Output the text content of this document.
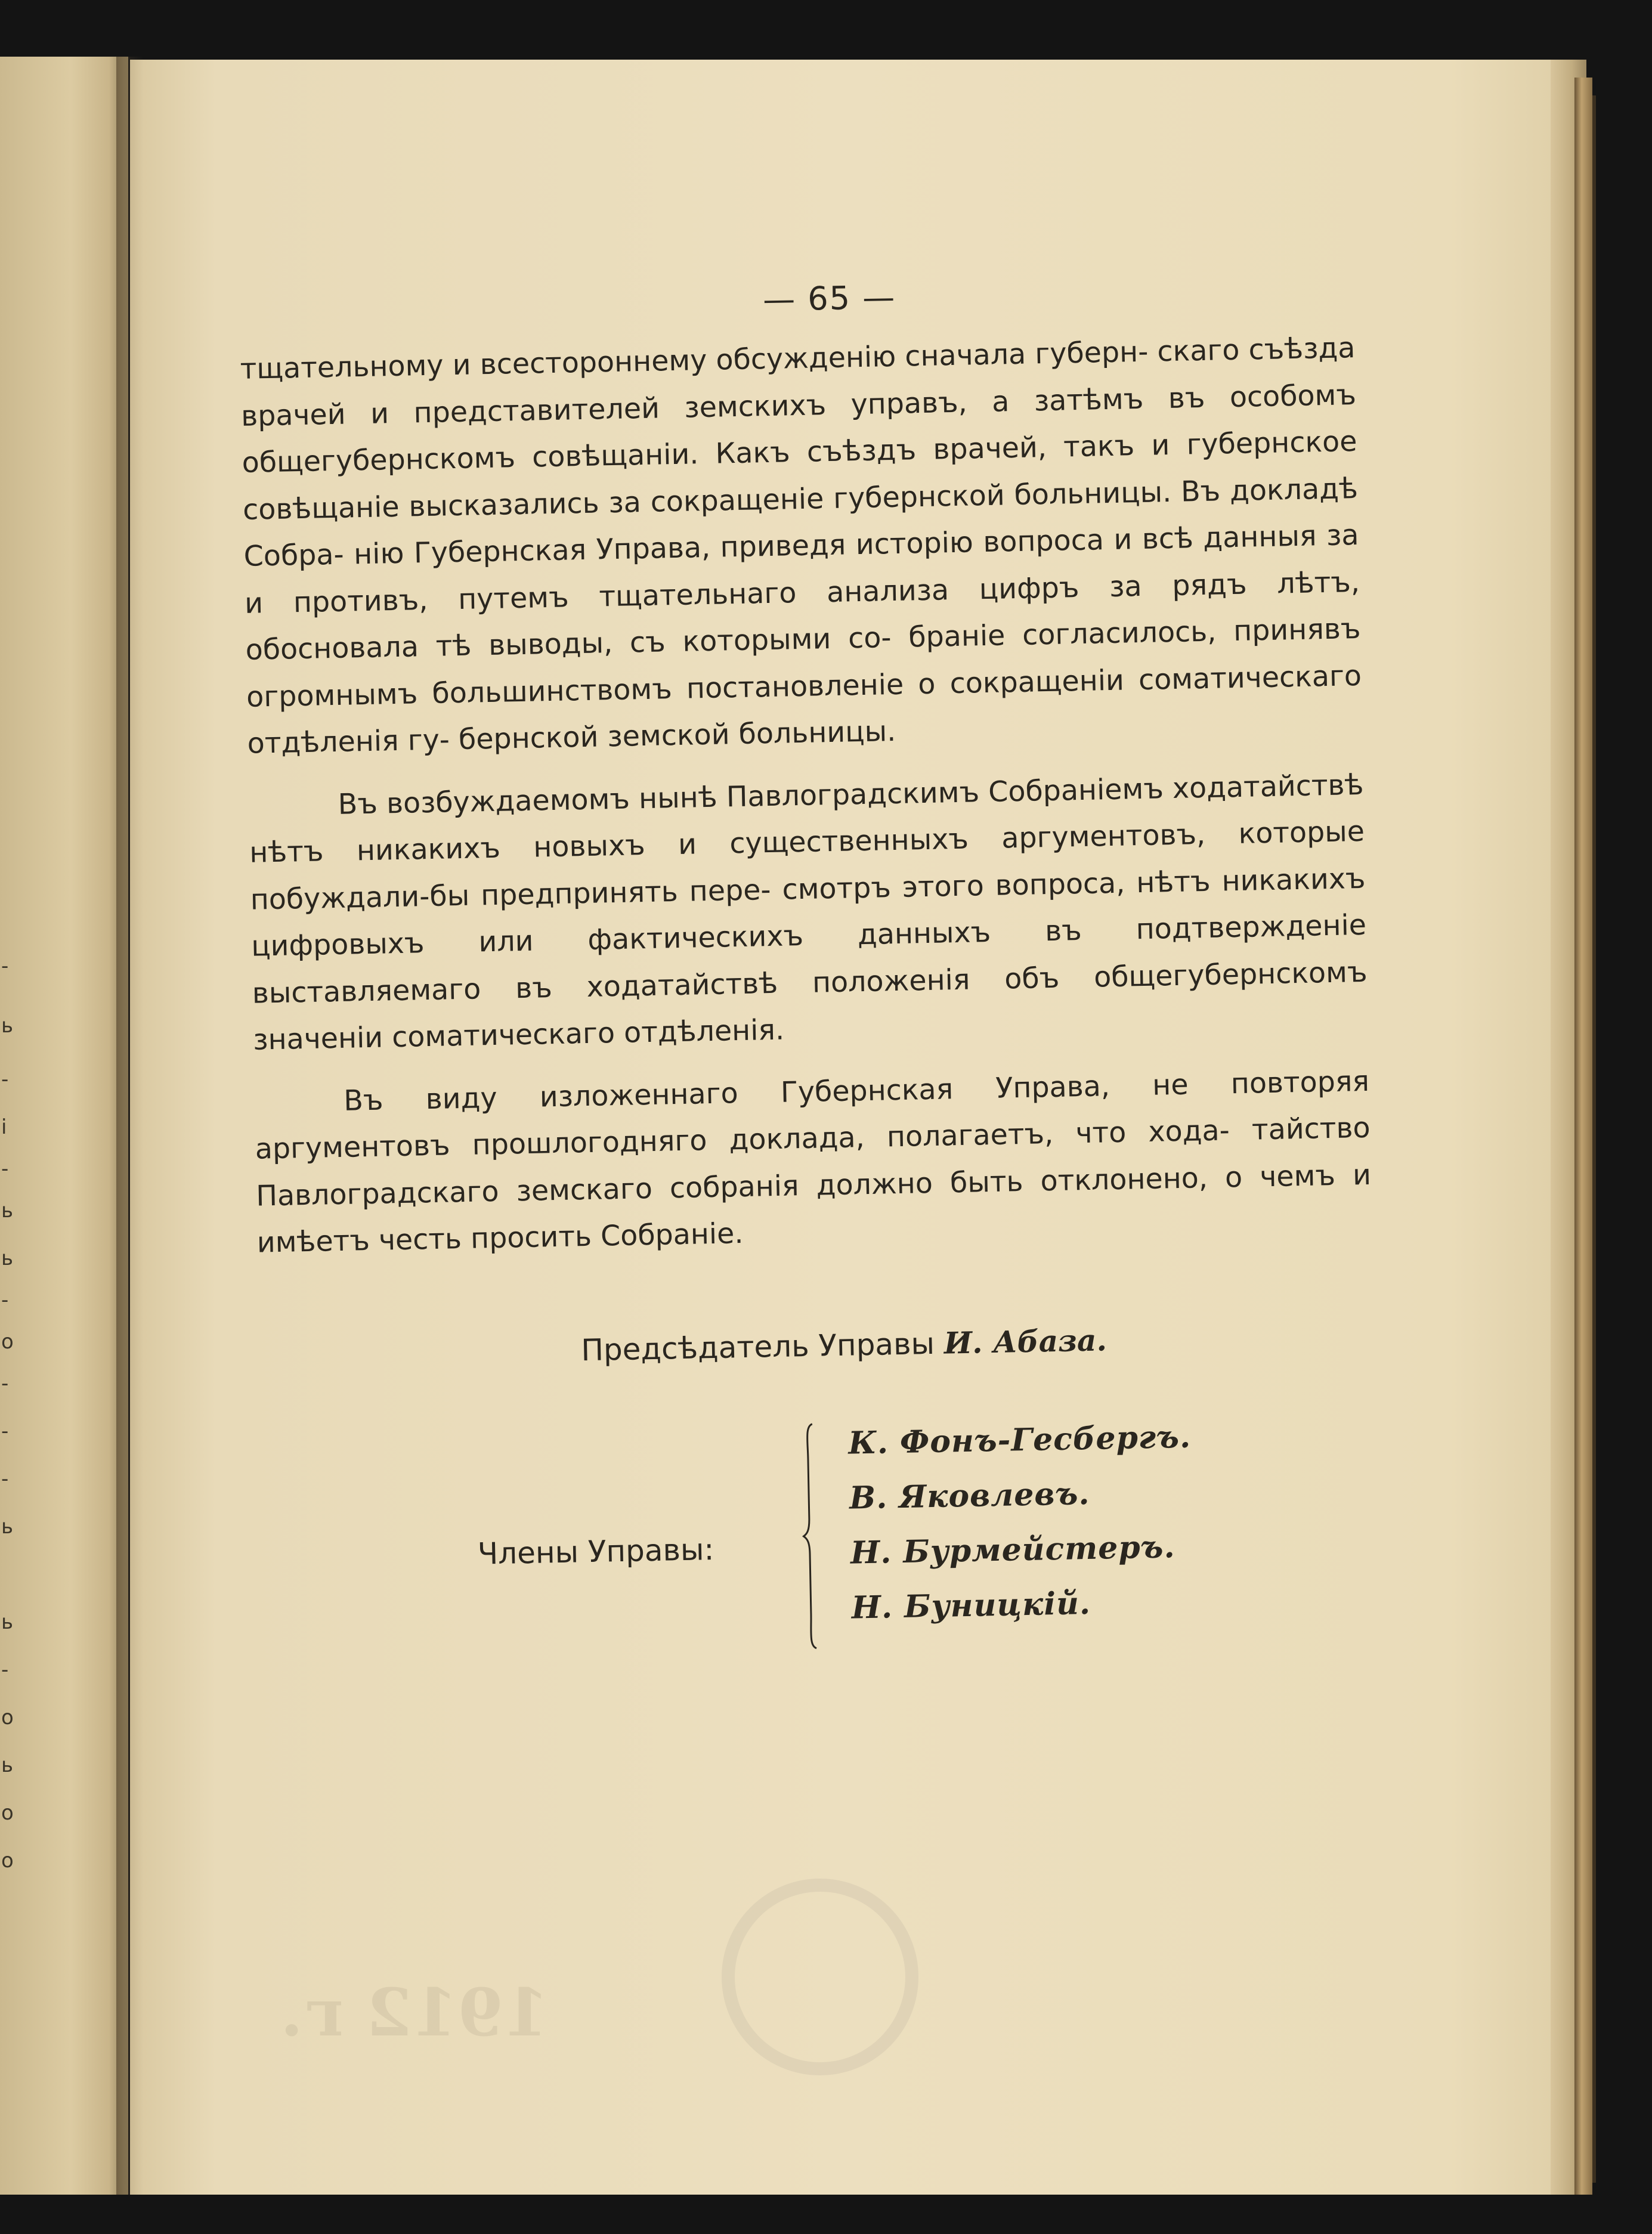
-
ь
-
і
-
ь
ь
-
о
-
-
-
ь
ь
-
о
ь
о
о
1912 г.
— 65 —

тщательному и всестороннему обсужденію сначала губерн- скаго съѣзда врачей и представителей земскихъ управъ, а затѣмъ въ особомъ общегубернскомъ совѣщаніи. Какъ съѣздъ врачей, такъ и губернское совѣщаніе высказались за сокращеніе губернской больницы. Въ докладѣ Собра- нію Губернская Управа, приведя исторію вопроса и всѣ данныя за и противъ, путемъ тщательнаго анализа цифръ за рядъ лѣтъ, обосновала тѣ выводы, съ которыми со- браніе согласилось, принявъ огромнымъ большинствомъ постановленіе о сокращеніи соматическаго отдѣленія гу- бернской земской больницы.

Въ возбуждаемомъ нынѣ Павлоградскимъ Собраніемъ ходатайствѣ нѣтъ никакихъ новыхъ и существенныхъ аргументовъ, которые побуждали-бы предпринять пере- смотръ этого вопроса, нѣтъ никакихъ цифровыхъ или фактическихъ данныхъ въ подтвержденіе выставляемаго въ ходатайствѣ положенія объ общегубернскомъ значеніи соматическаго отдѣленія.

Въ виду изложеннаго Губернская Управа, не повторяя аргументовъ прошлогодняго доклада, полагаетъ, что хода- тайство Павлоградскаго земскаго собранія должно быть отклонено, о чемъ и имѣетъ честь просить Собраніе.

Предсѣдатель Управы И. Абаза.
Члены Управы:
К. Фонъ-Гесбергъ.
В. Яковлевъ.
Н. Бурмейстеръ.
Н. Буницкій.
